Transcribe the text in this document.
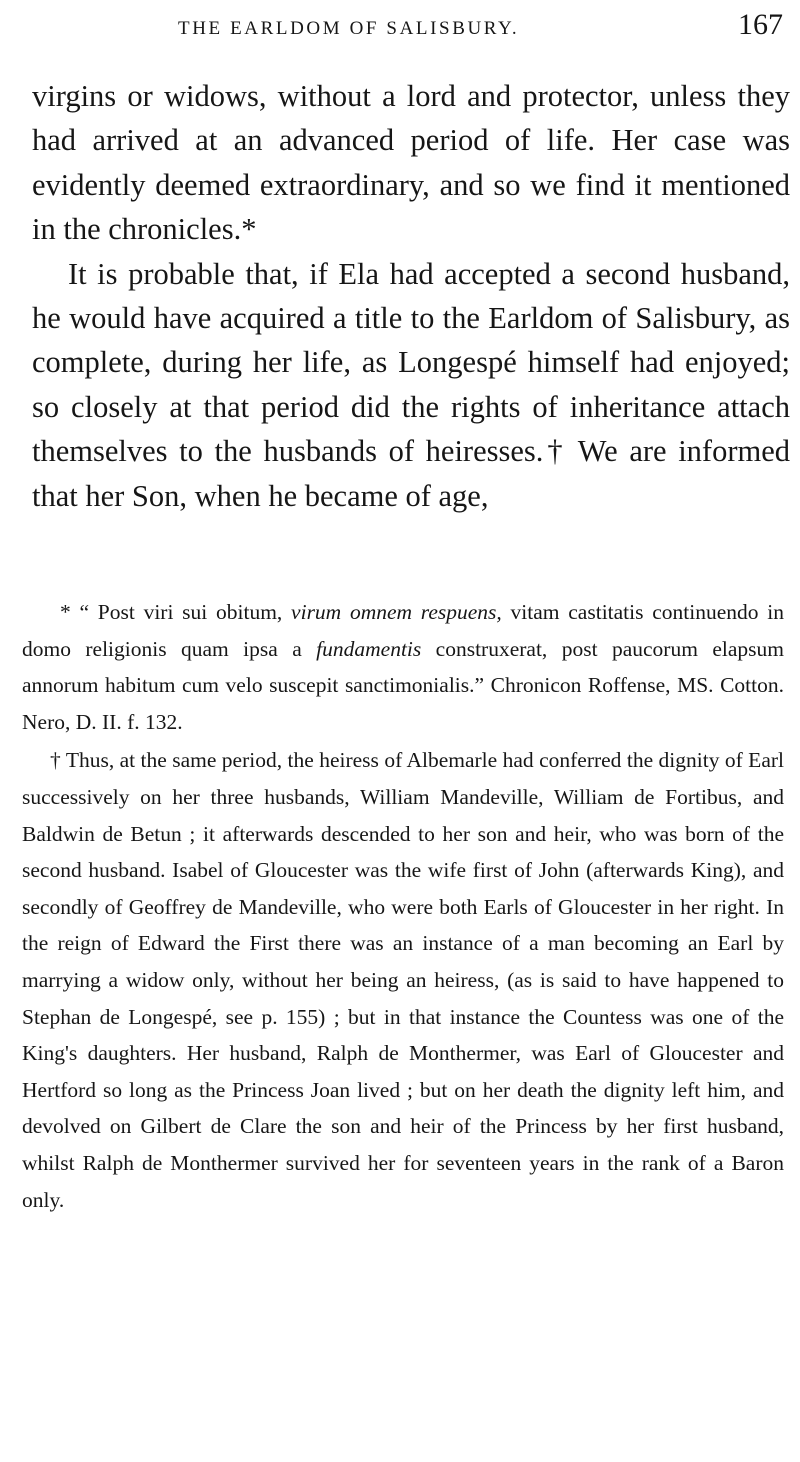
THE EARLDOM OF SALISBURY.	167

virgins or widows, without a lord and protector, unless they had arrived at an advanced period of life. Her case was evidently deemed extraordinary, and so we find it mentioned in the chronicles.*

It is probable that, if Ela had accepted a second husband, he would have acquired a title to the Earldom of Salisbury, as complete, during her life, as Longespé himself had enjoyed; so closely at that period did the rights of inheritance attach themselves to the husbands of heiresses.† We are informed that her Son, when he became of age,

* “ Post viri sui obitum, virum omnem respuens, vitam castitatis continuendo in domo religionis quam ipsa a fundamentis construxerat, post paucorum elapsum annorum habitum cum velo suscepit sanctimonialis.” Chronicon Roffense, MS. Cotton. Nero, D. II. f. 132.

† Thus, at the same period, the heiress of Albemarle had conferred the dignity of Earl successively on her three husbands, William Mandeville, William de Fortibus, and Baldwin de Betun ; it afterwards descended to her son and heir, who was born of the second husband. Isabel of Gloucester was the wife first of John (afterwards King), and secondly of Geoffrey de Mandeville, who were both Earls of Gloucester in her right. In the reign of Edward the First there was an instance of a man becoming an Earl by marrying a widow only, without her being an heiress, (as is said to have happened to Stephan de Longespé, see p. 155) ; but in that instance the Countess was one of the King's daughters. Her husband, Ralph de Monthermer, was Earl of Gloucester and Hertford so long as the Princess Joan lived ; but on her death the dignity left him, and devolved on Gilbert de Clare the son and heir of the Princess by her first husband, whilst Ralph de Monthermer survived her for seventeen years in the rank of a Baron only.
